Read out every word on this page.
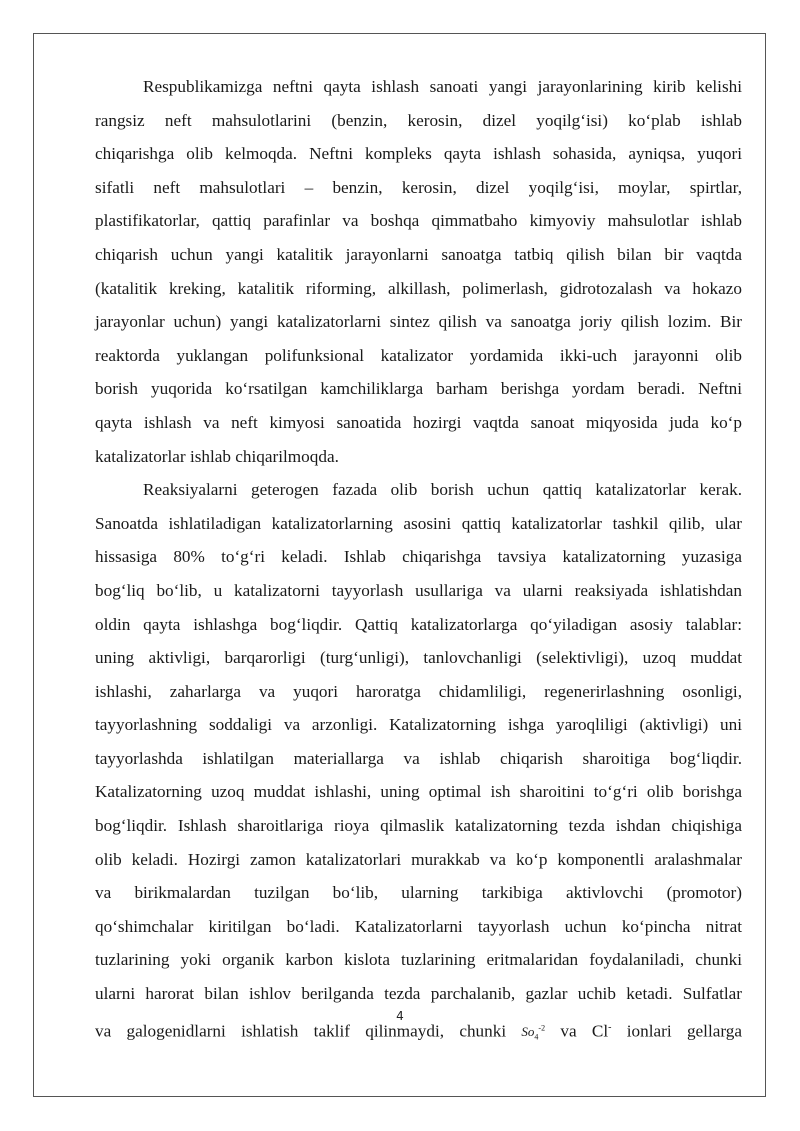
Respublikamizga neftni qayta ishlash sanoati yangi jarayonlarining kirib kelishi
rangsiz neft mahsulotlarini (benzin, kerosin, dizel yoqilg‘isi) ko‘plab ishlab
chiqarishga olib kelmoqda. Neftni kompleks qayta ishlash sohasida, ayniqsa, yuqori
sifatli neft mahsulotlari – benzin, kerosin, dizel yoqilg‘isi, moylar, spirtlar,
plastifikatorlar, qattiq parafinlar va boshqa qimmatbaho kimyoviy mahsulotlar ishlab
chiqarish uchun yangi katalitik jarayonlarni sanoatga tatbiq qilish bilan bir vaqtda
(katalitik kreking, katalitik riforming, alkillash, polimerlash, gidrotozalash va hokazo
jarayonlar uchun) yangi katalizatorlarni sintez qilish va sanoatga joriy qilish lozim. Bir
reaktorda yuklangan polifunksional katalizator yordamida ikki-uch jarayonni olib
borish yuqorida ko‘rsatilgan kamchiliklarga barham berishga yordam beradi. Neftni
qayta ishlash va neft kimyosi sanoatida hozirgi vaqtda sanoat miqyosida juda ko‘p
katalizatorlar ishlab chiqarilmoqda.
Reaksiyalarni geterogen fazada olib borish uchun qattiq katalizatorlar kerak.
Sanoatda ishlatiladigan katalizatorlarning asosini qattiq katalizatorlar tashkil qilib, ular
hissasiga 80% to‘g‘ri keladi. Ishlab chiqarishga tavsiya katalizatorning yuzasiga
bog‘liq bo‘lib, u katalizatorni tayyorlash usullariga va ularni reaksiyada ishlatishdan
oldin qayta ishlashga bog‘liqdir. Qattiq katalizatorlarga qo‘yiladigan asosiy talablar:
uning aktivligi, barqarorligi (turg‘unligi), tanlovchanligi (selektivligi), uzoq muddat
ishlashi, zaharlarga va yuqori haroratga chidamliligi, regenerirlashning osonligi,
tayyorlashning soddaligi va arzonligi. Katalizatorning ishga yaroqliligi (aktivligi) uni
tayyorlashda ishlatilgan materiallarga va ishlab chiqarish sharoitiga bog‘liqdir.
Katalizatorning uzoq muddat ishlashi, uning optimal ish sharoitini to‘g‘ri olib borishga
bog‘liqdir. Ishlash sharoitlariga rioya qilmaslik katalizatorning tezda ishdan chiqishiga
olib keladi. Hozirgi zamon katalizatorlari murakkab va ko‘p komponentli aralashmalar
va birikmalardan tuzilgan bo‘lib, ularning tarkibiga aktivlovchi (promotor)
qo‘shimchalar kiritilgan bo‘ladi. Katalizatorlarni tayyorlash uchun ko‘pincha nitrat
tuzlarining yoki organik karbon kislota tuzlarining eritmalaridan foydalaniladi, chunki
ularni harorat bilan ishlov berilganda tezda parchalanib, gazlar uchib ketadi. Sulfatlar
va galogenidlarni ishlatish taklif qilinmaydi, chunki $So_4^{-2}$ va Cl- ionlari gellarga
4
